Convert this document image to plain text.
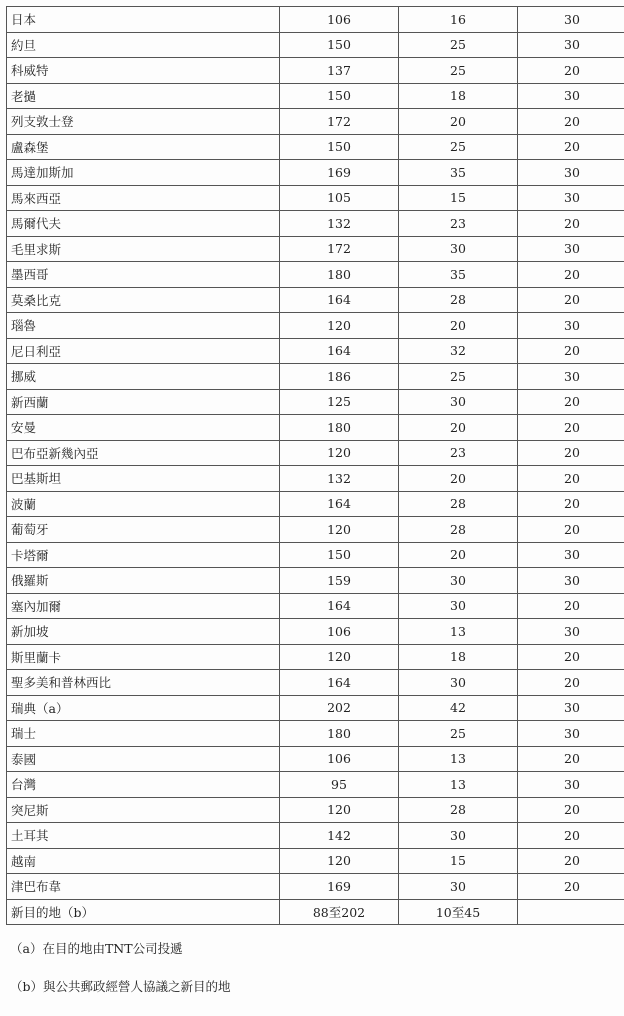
日本	106	16	30
約旦	150	25	30
科威特	137	25	20
老撾	150	18	30
列支敦士登	172	20	20
盧森堡	150	25	20
馬達加斯加	169	35	30
馬來西亞	105	15	30
馬爾代夫	132	23	20
毛里求斯	172	30	30
墨西哥	180	35	20
莫桑比克	164	28	20
瑙魯	120	20	30
尼日利亞	164	32	20
挪威	186	25	30
新西蘭	125	30	20
安曼	180	20	20
巴布亞新幾內亞	120	23	20
巴基斯坦	132	20	20
波蘭	164	28	20
葡萄牙	120	28	20
卡塔爾	150	20	30
俄羅斯	159	30	30
塞內加爾	164	30	20
新加坡	106	13	30
斯里蘭卡	120	18	20
聖多美和普林西比	164	30	20
瑞典（a）	202	42	30
瑞士	180	25	30
泰國	106	13	20
台灣	95	13	30
突尼斯	120	28	20
土耳其	142	30	20
越南	120	15	20
津巴布韋	169	30	20
新目的地（b）	88至202	10至45	

（a）在目的地由TNT公司投遞

（b）與公共郵政經營人協議之新目的地
